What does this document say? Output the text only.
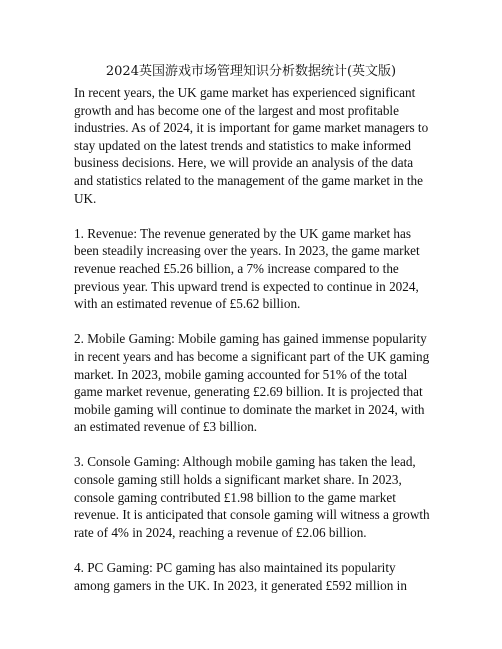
2024英国游戏市场管理知识分析数据统计(英文版)

In recent years, the UK game market has experienced significant growth and has become one of the largest and most profitable industries. As of 2024, it is important for game market managers to stay updated on the latest trends and statistics to make informed business decisions. Here, we will provide an analysis of the data and statistics related to the management of the game market in the UK.

1. Revenue: The revenue generated by the UK game market has been steadily increasing over the years. In 2023, the game market revenue reached £5.26 billion, a 7% increase compared to the previous year. This upward trend is expected to continue in 2024, with an estimated revenue of £5.62 billion.

2. Mobile Gaming: Mobile gaming has gained immense popularity in recent years and has become a significant part of the UK gaming market. In 2023, mobile gaming accounted for 51% of the total game market revenue, generating £2.69 billion. It is projected that mobile gaming will continue to dominate the market in 2024, with an estimated revenue of £3 billion.

3. Console Gaming: Although mobile gaming has taken the lead, console gaming still holds a significant market share. In 2023, console gaming contributed £1.98 billion to the game market revenue. It is anticipated that console gaming will witness a growth rate of 4% in 2024, reaching a revenue of £2.06 billion.

4. PC Gaming: PC gaming has also maintained its popularity among gamers in the UK. In 2023, it generated £592 million in
